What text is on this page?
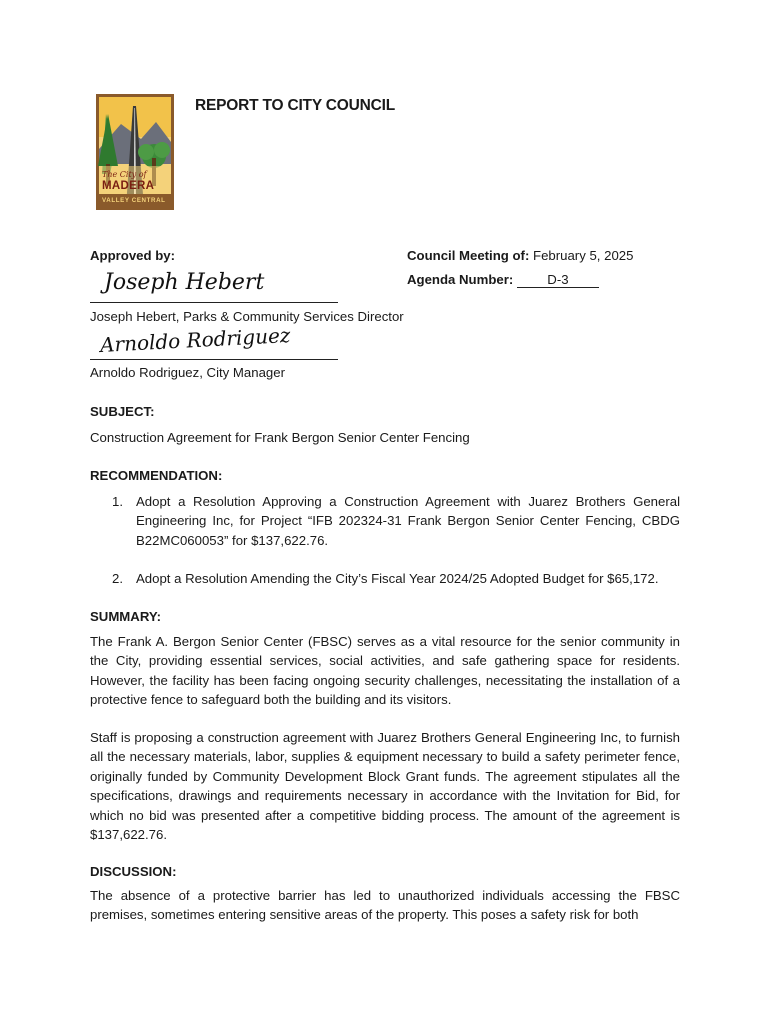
The City of
MADERA
VALLEY CENTRAL
REPORT TO CITY COUNCIL
Approved by:	Council Meeting of: February 5, 2025
Agenda Number:	D-3
Joseph Hebert
Joseph Hebert, Parks & Community Services Director
Arnoldo Rodriguez
Arnoldo Rodriguez, City Manager
SUBJECT:
Construction Agreement for Frank Bergon Senior Center Fencing
RECOMMENDATION:
1. Adopt a Resolution Approving a Construction Agreement with Juarez Brothers General Engineering Inc, for Project “IFB 202324-31 Frank Bergon Senior Center Fencing, CBDG B22MC060053” for $137,622.76.
2. Adopt a Resolution Amending the City’s Fiscal Year 2024/25 Adopted Budget for $65,172.
SUMMARY:
The Frank A. Bergon Senior Center (FBSC) serves as a vital resource for the senior community in the City, providing essential services, social activities, and safe gathering space for residents. However, the facility has been facing ongoing security challenges, necessitating the installation of a protective fence to safeguard both the building and its visitors.
Staff is proposing a construction agreement with Juarez Brothers General Engineering Inc, to furnish all the necessary materials, labor, supplies & equipment necessary to build a safety perimeter fence, originally funded by Community Development Block Grant funds. The agreement stipulates all the specifications, drawings and requirements necessary in accordance with the Invitation for Bid, for which no bid was presented after a competitive bidding process. The amount of the agreement is $137,622.76.
DISCUSSION:
The absence of a protective barrier has led to unauthorized individuals accessing the FBSC premises, sometimes entering sensitive areas of the property. This poses a safety risk for both
